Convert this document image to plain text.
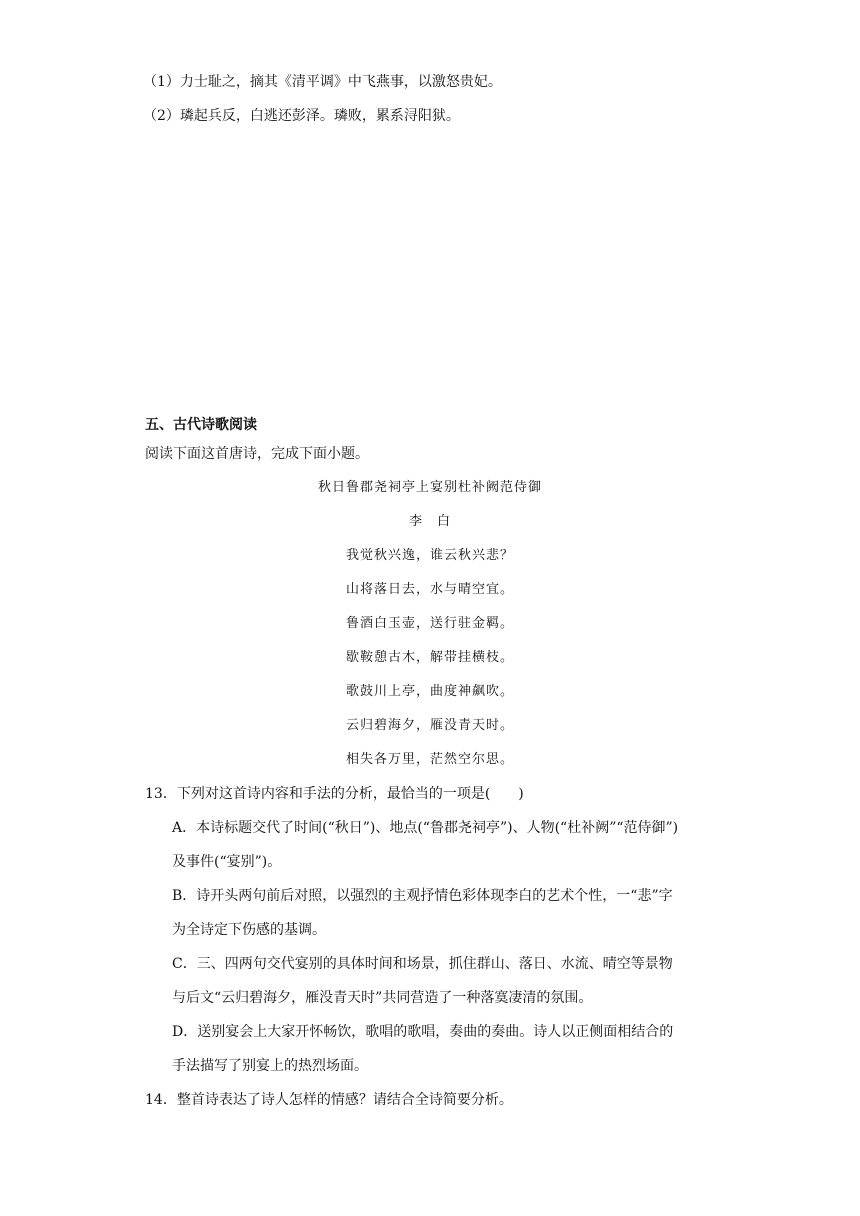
（1）力士耻之，摘其《清平调》中飞燕事，以激怒贵妃。
（2）璘起兵反，白逃还彭泽。璘败，累系浔阳狱。
五、古代诗歌阅读
阅读下面这首唐诗，完成下面小题。
秋日鲁郡尧祠亭上宴别杜补阙范侍御
李　白
我觉秋兴逸，谁云秋兴悲？
山将落日去，水与晴空宜。
鲁酒白玉壶，送行驻金羁。
歇鞍憩古木，解带挂横枝。
歌鼓川上亭，曲度神飙吹。
云归碧海夕，雁没青天时。
相失各万里，茫然空尔思。
13．下列对这首诗内容和手法的分析，最恰当的一项是(　　)
A．本诗标题交代了时间(“秋日”)、地点(“鲁郡尧祠亭”)、人物(“杜补阙”“范侍御”)
及事件(“宴别”)。
B．诗开头两句前后对照，以强烈的主观抒情色彩体现李白的艺术个性，一“悲”字
为全诗定下伤感的基调。
C．三、四两句交代宴别的具体时间和场景，抓住群山、落日、水流、晴空等景物
与后文“云归碧海夕，雁没青天时”共同营造了一种落寞凄清的氛围。
D．送别宴会上大家开怀畅饮，歌唱的歌唱，奏曲的奏曲。诗人以正侧面相结合的
手法描写了别宴上的热烈场面。
14．整首诗表达了诗人怎样的情感？请结合全诗简要分析。
